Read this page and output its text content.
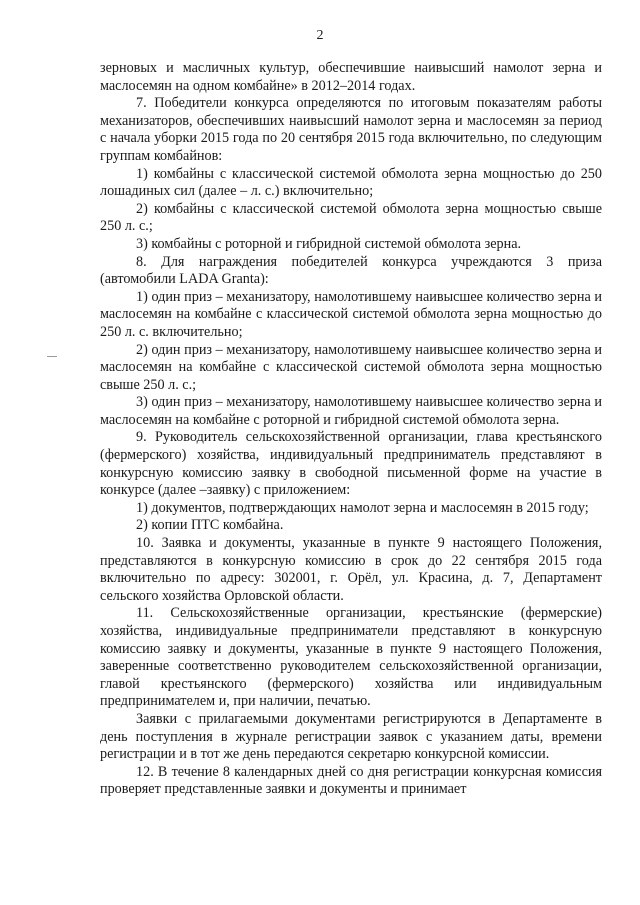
2

зерновых и масличных культур, обеспечившие наивысший намолот зерна и маслосемян на одном комбайне» в 2012–2014 годах.

7. Победители конкурса определяются по итоговым показателям работы механизаторов, обеспечивших наивысший намолот зерна и маслосемян за период с начала уборки 2015 года по 20 сентября 2015 года включительно, по следующим группам комбайнов:

1) комбайны с классической системой обмолота зерна мощностью до 250 лошадиных сил (далее – л. с.) включительно;

2) комбайны с классической системой обмолота зерна мощностью свыше 250 л. с.;

3) комбайны с роторной и гибридной системой обмолота зерна.

8. Для награждения победителей конкурса учреждаются 3 приза (автомобили LADA Granta):

1) один приз – механизатору, намолотившему наивысшее количество зерна и маслосемян на комбайне с классической системой обмолота зерна мощностью до 250 л. с. включительно;

2) один приз – механизатору, намолотившему наивысшее количество зерна и маслосемян на комбайне с классической системой обмолота зерна мощностью свыше 250 л. с.;

3) один приз – механизатору, намолотившему наивысшее количество зерна и маслосемян на комбайне с роторной и гибридной системой обмолота зерна.

9. Руководитель сельскохозяйственной организации, глава крестьянского (фермерского) хозяйства, индивидуальный предприниматель представляют в конкурсную комиссию заявку в свободной письменной форме на участие в конкурсе (далее –заявку) с приложением:

1) документов, подтверждающих намолот зерна и маслосемян в 2015 году;

2) копии ПТС комбайна.

10. Заявка и документы, указанные в пункте 9 настоящего Положения, представляются в конкурсную комиссию в срок до 22 сентября 2015 года включительно по адресу: 302001, г. Орёл, ул. Красина, д. 7, Департамент сельского хозяйства Орловской области.

11. Сельскохозяйственные организации, крестьянские (фермерские) хозяйства, индивидуальные предприниматели представляют в конкурсную комиссию заявку и документы, указанные в пункте 9 настоящего Положения, заверенные соответственно руководителем сельскохозяйственной организации, главой крестьянского (фермерского) хозяйства или индивидуальным предпринимателем и, при наличии, печатью.

Заявки с прилагаемыми документами регистрируются в Департаменте в день поступления в журнале регистрации заявок с указанием даты, времени регистрации и в тот же день передаются секретарю конкурсной комиссии.

12. В течение 8 календарных дней со дня регистрации конкурсная комиссия проверяет представленные заявки и документы и принимает
